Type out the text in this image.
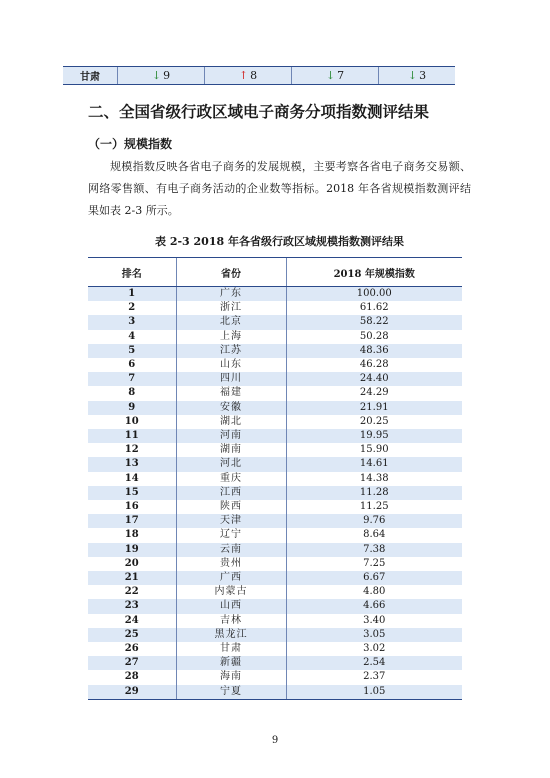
甘肃	↓ 9	↑ 8	↓ 7	↓ 3
二、全国省级行政区域电子商务分项指数测评结果
（一）规模指数
规模指数反映各省电子商务的发展规模，主要考察各省电子商务交易额、网络零售额、有电子商务活动的企业数等指标。2018 年各省规模指数测评结果如表 2-3 所示。
表 2-3 2018 年各省级行政区域规模指数测评结果
排名	省份	2018 年规模指数
1	广东	100.00
2	浙江	61.62
3	北京	58.22
4	上海	50.28
5	江苏	48.36
6	山东	46.28
7	四川	24.40
8	福建	24.29
9	安徽	21.91
10	湖北	20.25
11	河南	19.95
12	湖南	15.90
13	河北	14.61
14	重庆	14.38
15	江西	11.28
16	陕西	11.25
17	天津	9.76
18	辽宁	8.64
19	云南	7.38
20	贵州	7.25
21	广西	6.67
22	内蒙古	4.80
23	山西	4.66
24	吉林	3.40
25	黑龙江	3.05
26	甘肃	3.02
27	新疆	2.54
28	海南	2.37
29	宁夏	1.05
9
